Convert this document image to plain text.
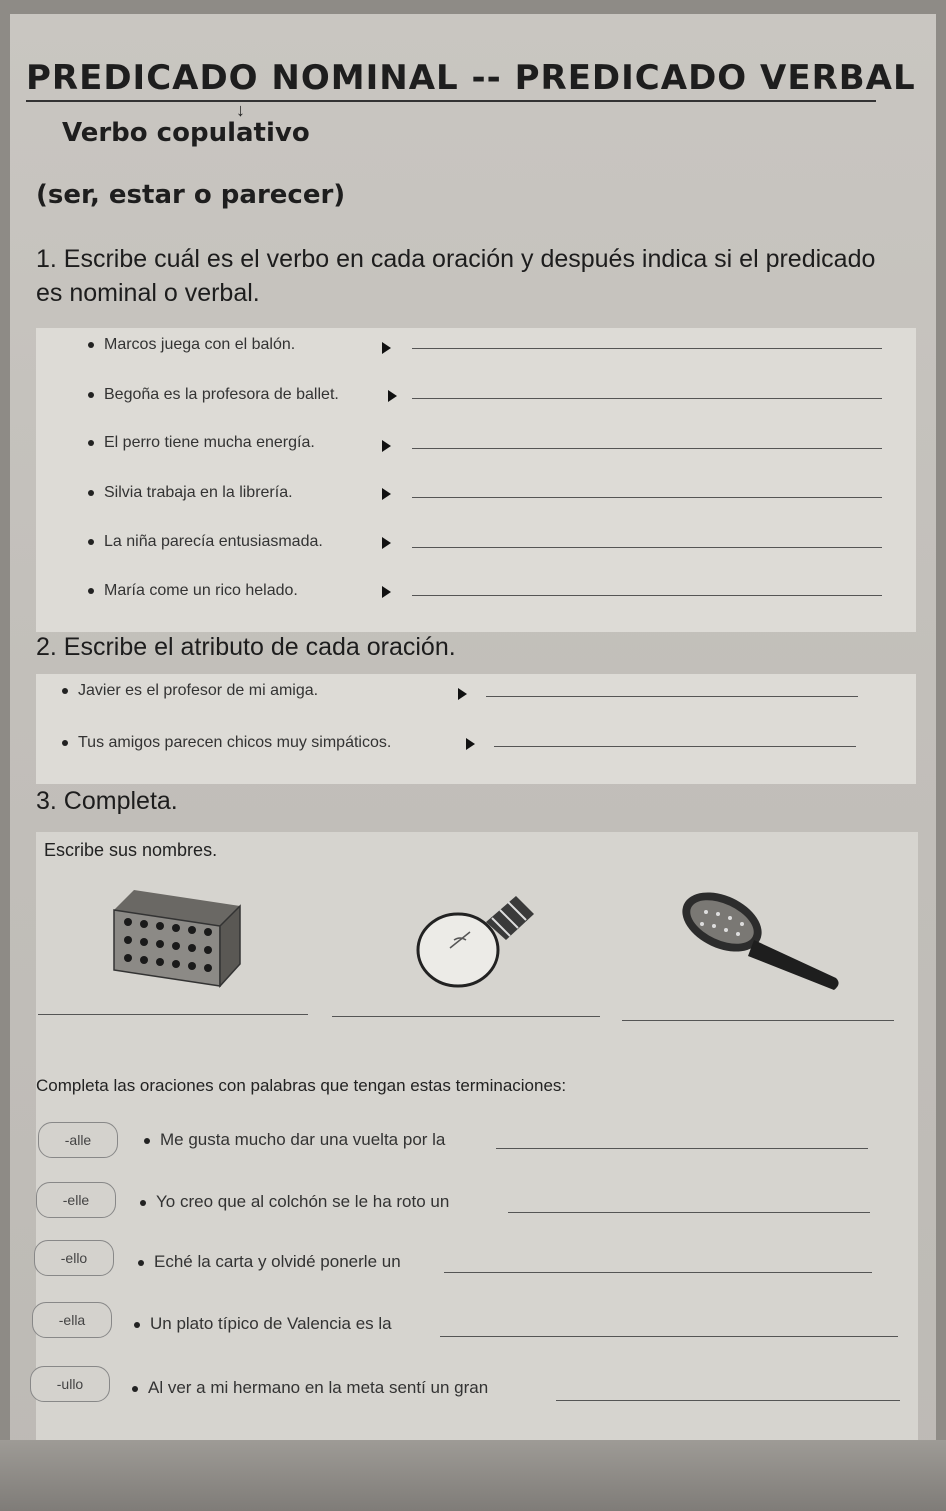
PREDICADO NOMINAL -- PREDICADO VERBAL
↓
Verbo copulativo
(ser, estar o parecer)
1. Escribe cuál es el verbo en cada oración y después indica si el predicado es nominal o verbal.
Marcos juega con el balón.
Begoña es la profesora de ballet.
El perro tiene mucha energía.
Silvia trabaja en la librería.
La niña parecía entusiasmada.
María come un rico helado.
2. Escribe el atributo de cada oración.
Javier es el profesor de mi amiga.
Tus amigos parecen chicos muy simpáticos.
3. Completa.
Escribe sus nombres.
Completa las oraciones con palabras que tengan estas terminaciones:
-alle	Me gusta mucho dar una vuelta por la
-elle	Yo creo que al colchón se le ha roto un
-ello	Eché la carta y olvidé ponerle un
-ella	Un plato típico de Valencia es la
-ullo	Al ver a mi hermano en la meta sentí un gran
